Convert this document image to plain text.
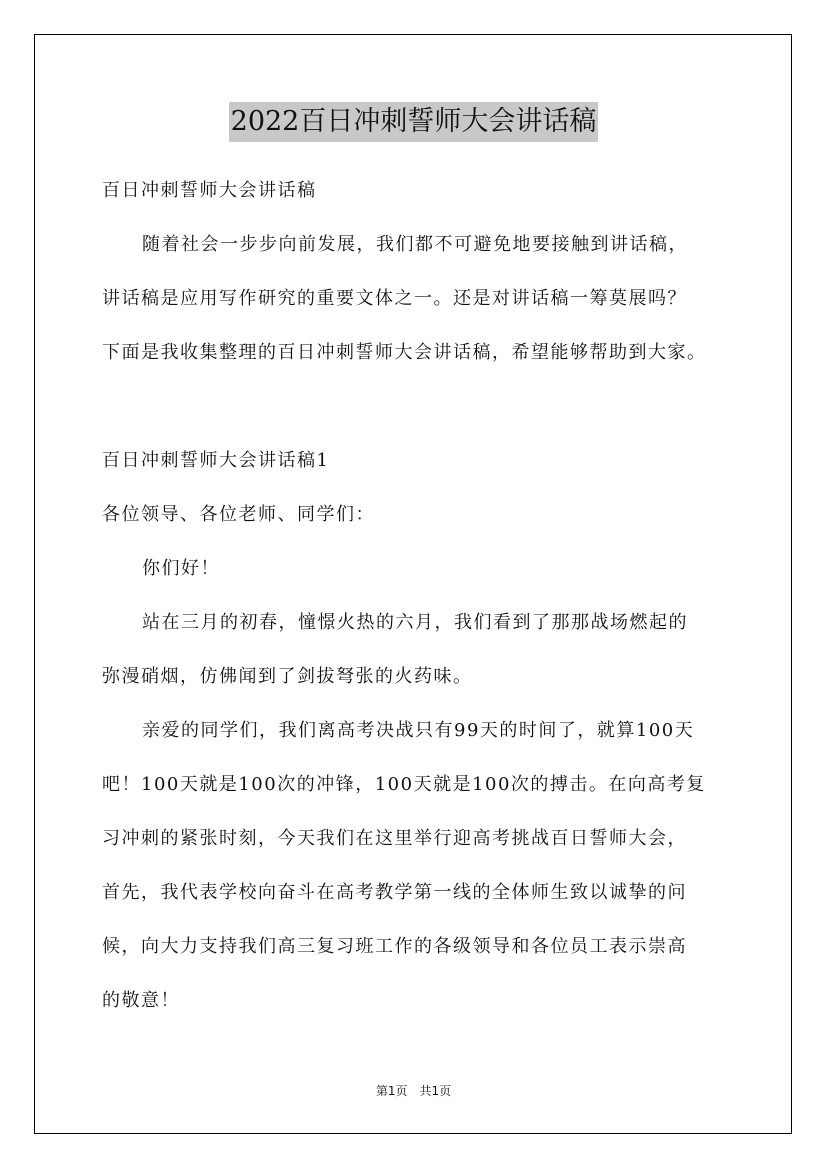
2022百日冲刺誓师大会讲话稿
百日冲刺誓师大会讲话稿
随着社会一步步向前发展，我们都不可避免地要接触到讲话稿，
讲话稿是应用写作研究的重要文体之一。还是对讲话稿一筹莫展吗？
下面是我收集整理的百日冲刺誓师大会讲话稿，希望能够帮助到大家。
百日冲刺誓师大会讲话稿1
各位领导、各位老师、同学们：
你们好！
站在三月的初春，憧憬火热的六月，我们看到了那那战场燃起的
弥漫硝烟，仿佛闻到了剑拔弩张的火药味。
亲爱的同学们，我们离高考决战只有99天的时间了，就算100天
吧！100天就是100次的冲锋，100天就是100次的搏击。在向高考复
习冲刺的紧张时刻，今天我们在这里举行迎高考挑战百日誓师大会，
首先，我代表学校向奋斗在高考教学第一线的全体师生致以诚挚的问
候，向大力支持我们高三复习班工作的各级领导和各位员工表示崇高
的敬意！
第1页　共1页
